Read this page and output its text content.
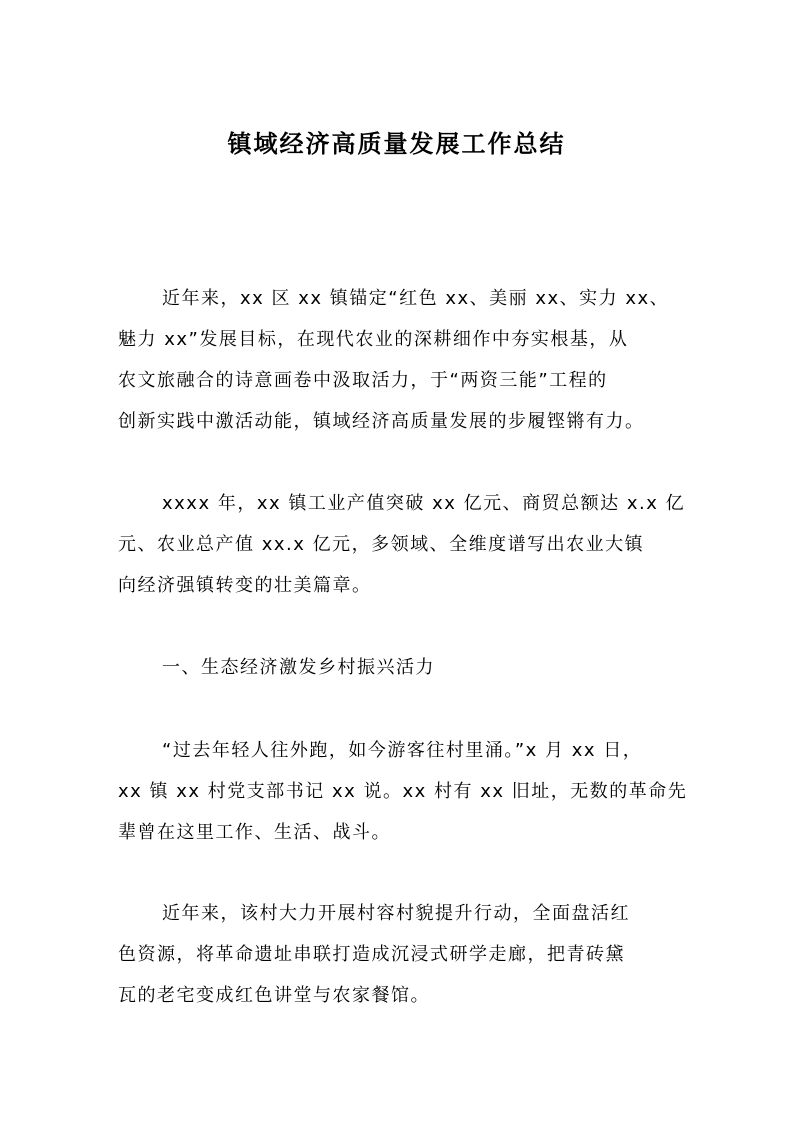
镇域经济高质量发展工作总结
近年来，xx 区 xx 镇锚定“红色 xx、美丽 xx、实力 xx、
魅力 xx”发展目标，在现代农业的深耕细作中夯实根基，从
农文旅融合的诗意画卷中汲取活力，于“两资三能”工程的
创新实践中激活动能，镇域经济高质量发展的步履铿锵有力。
xxxx 年，xx 镇工业产值突破 xx 亿元、商贸总额达 x.x 亿
元、农业总产值 xx.x 亿元，多领域、全维度谱写出农业大镇
向经济强镇转变的壮美篇章。
一、生态经济激发乡村振兴活力
“过去年轻人往外跑，如今游客往村里涌。”x 月 xx 日，
xx 镇 xx 村党支部书记 xx 说。xx 村有 xx 旧址，无数的革命先
辈曾在这里工作、生活、战斗。
近年来，该村大力开展村容村貌提升行动，全面盘活红
色资源，将革命遗址串联打造成沉浸式研学走廊，把青砖黛
瓦的老宅变成红色讲堂与农家餐馆。
